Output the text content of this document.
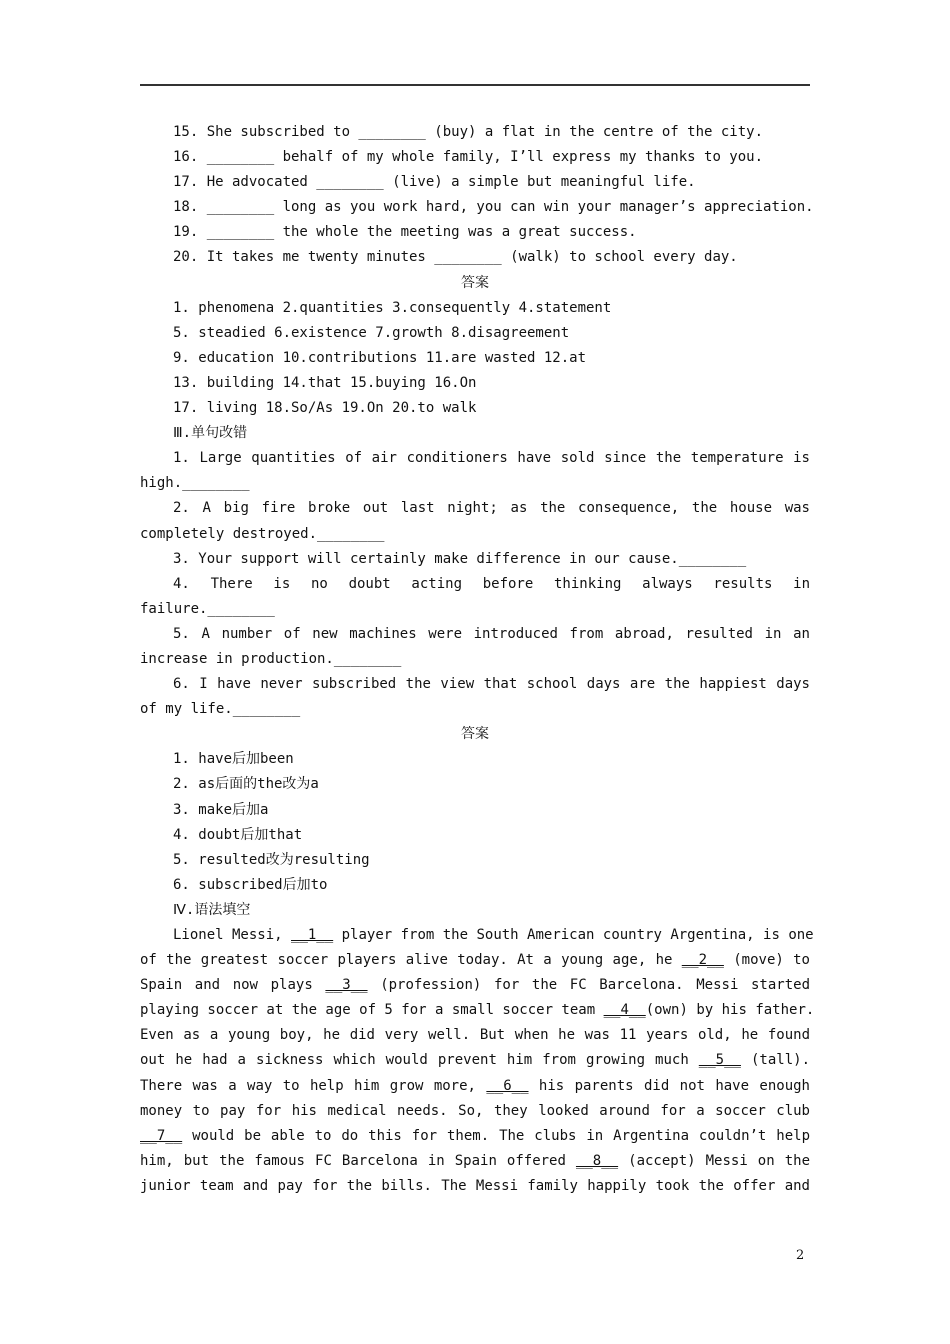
15. She subscribed to ________ (buy) a flat in the centre of the city.
16. ________ behalf of my whole family, I’ll express my thanks to you.
17. He advocated ________ (live) a simple but meaningful life.
18. ________ long as you work hard, you can win your manager’s appreciation.
19. ________ the whole the meeting was a great success.
20. It takes me twenty minutes ________ (walk) to school every day.
答案
1. phenomena 2.quantities 3.consequently 4.statement
5. steadied 6.existence 7.growth 8.disagreement
9. education 10.contributions 11.are wasted 12.at
13. building 14.that 15.buying 16.On
17. living 18.So/As 19.On 20.to walk
Ⅲ.单句改错
1. Large quantities of air conditioners have sold since the temperature is
high.________
2. A big fire broke out last night; as the consequence, the house was
completely destroyed.________
3. Your support will certainly make difference in our cause.________
4. There is no doubt acting before thinking always results in
failure.________
5. A number of new machines were introduced from abroad, resulted in an
increase in production.________
6. I have never subscribed the view that school days are the happiest days
of my life.________
答案
1. have后加been
2. as后面的the改为a
3. make后加a
4. doubt后加that
5. resulted改为resulting
6. subscribed后加to
Ⅳ.语法填空
Lionel Messi, __1__ player from the South American country Argentina, is one
of the greatest soccer players alive today. At a young age, he __2__ (move) to
Spain and now plays __3__ (profession) for the FC Barcelona. Messi started
playing soccer at the age of 5 for a small soccer team __4__(own) by his father.
Even as a young boy, he did very well. But when he was 11 years old, he found
out he had a sickness which would prevent him from growing much __5__ (tall).
There was a way to help him grow more, __6__ his parents did not have enough
money to pay for his medical needs. So, they looked around for a soccer club
__7__ would be able to do this for them. The clubs in Argentina couldn’t help
him, but the famous FC Barcelona in Spain offered __8__ (accept) Messi on the
junior team and pay for the bills. The Messi family happily took the offer and
2
